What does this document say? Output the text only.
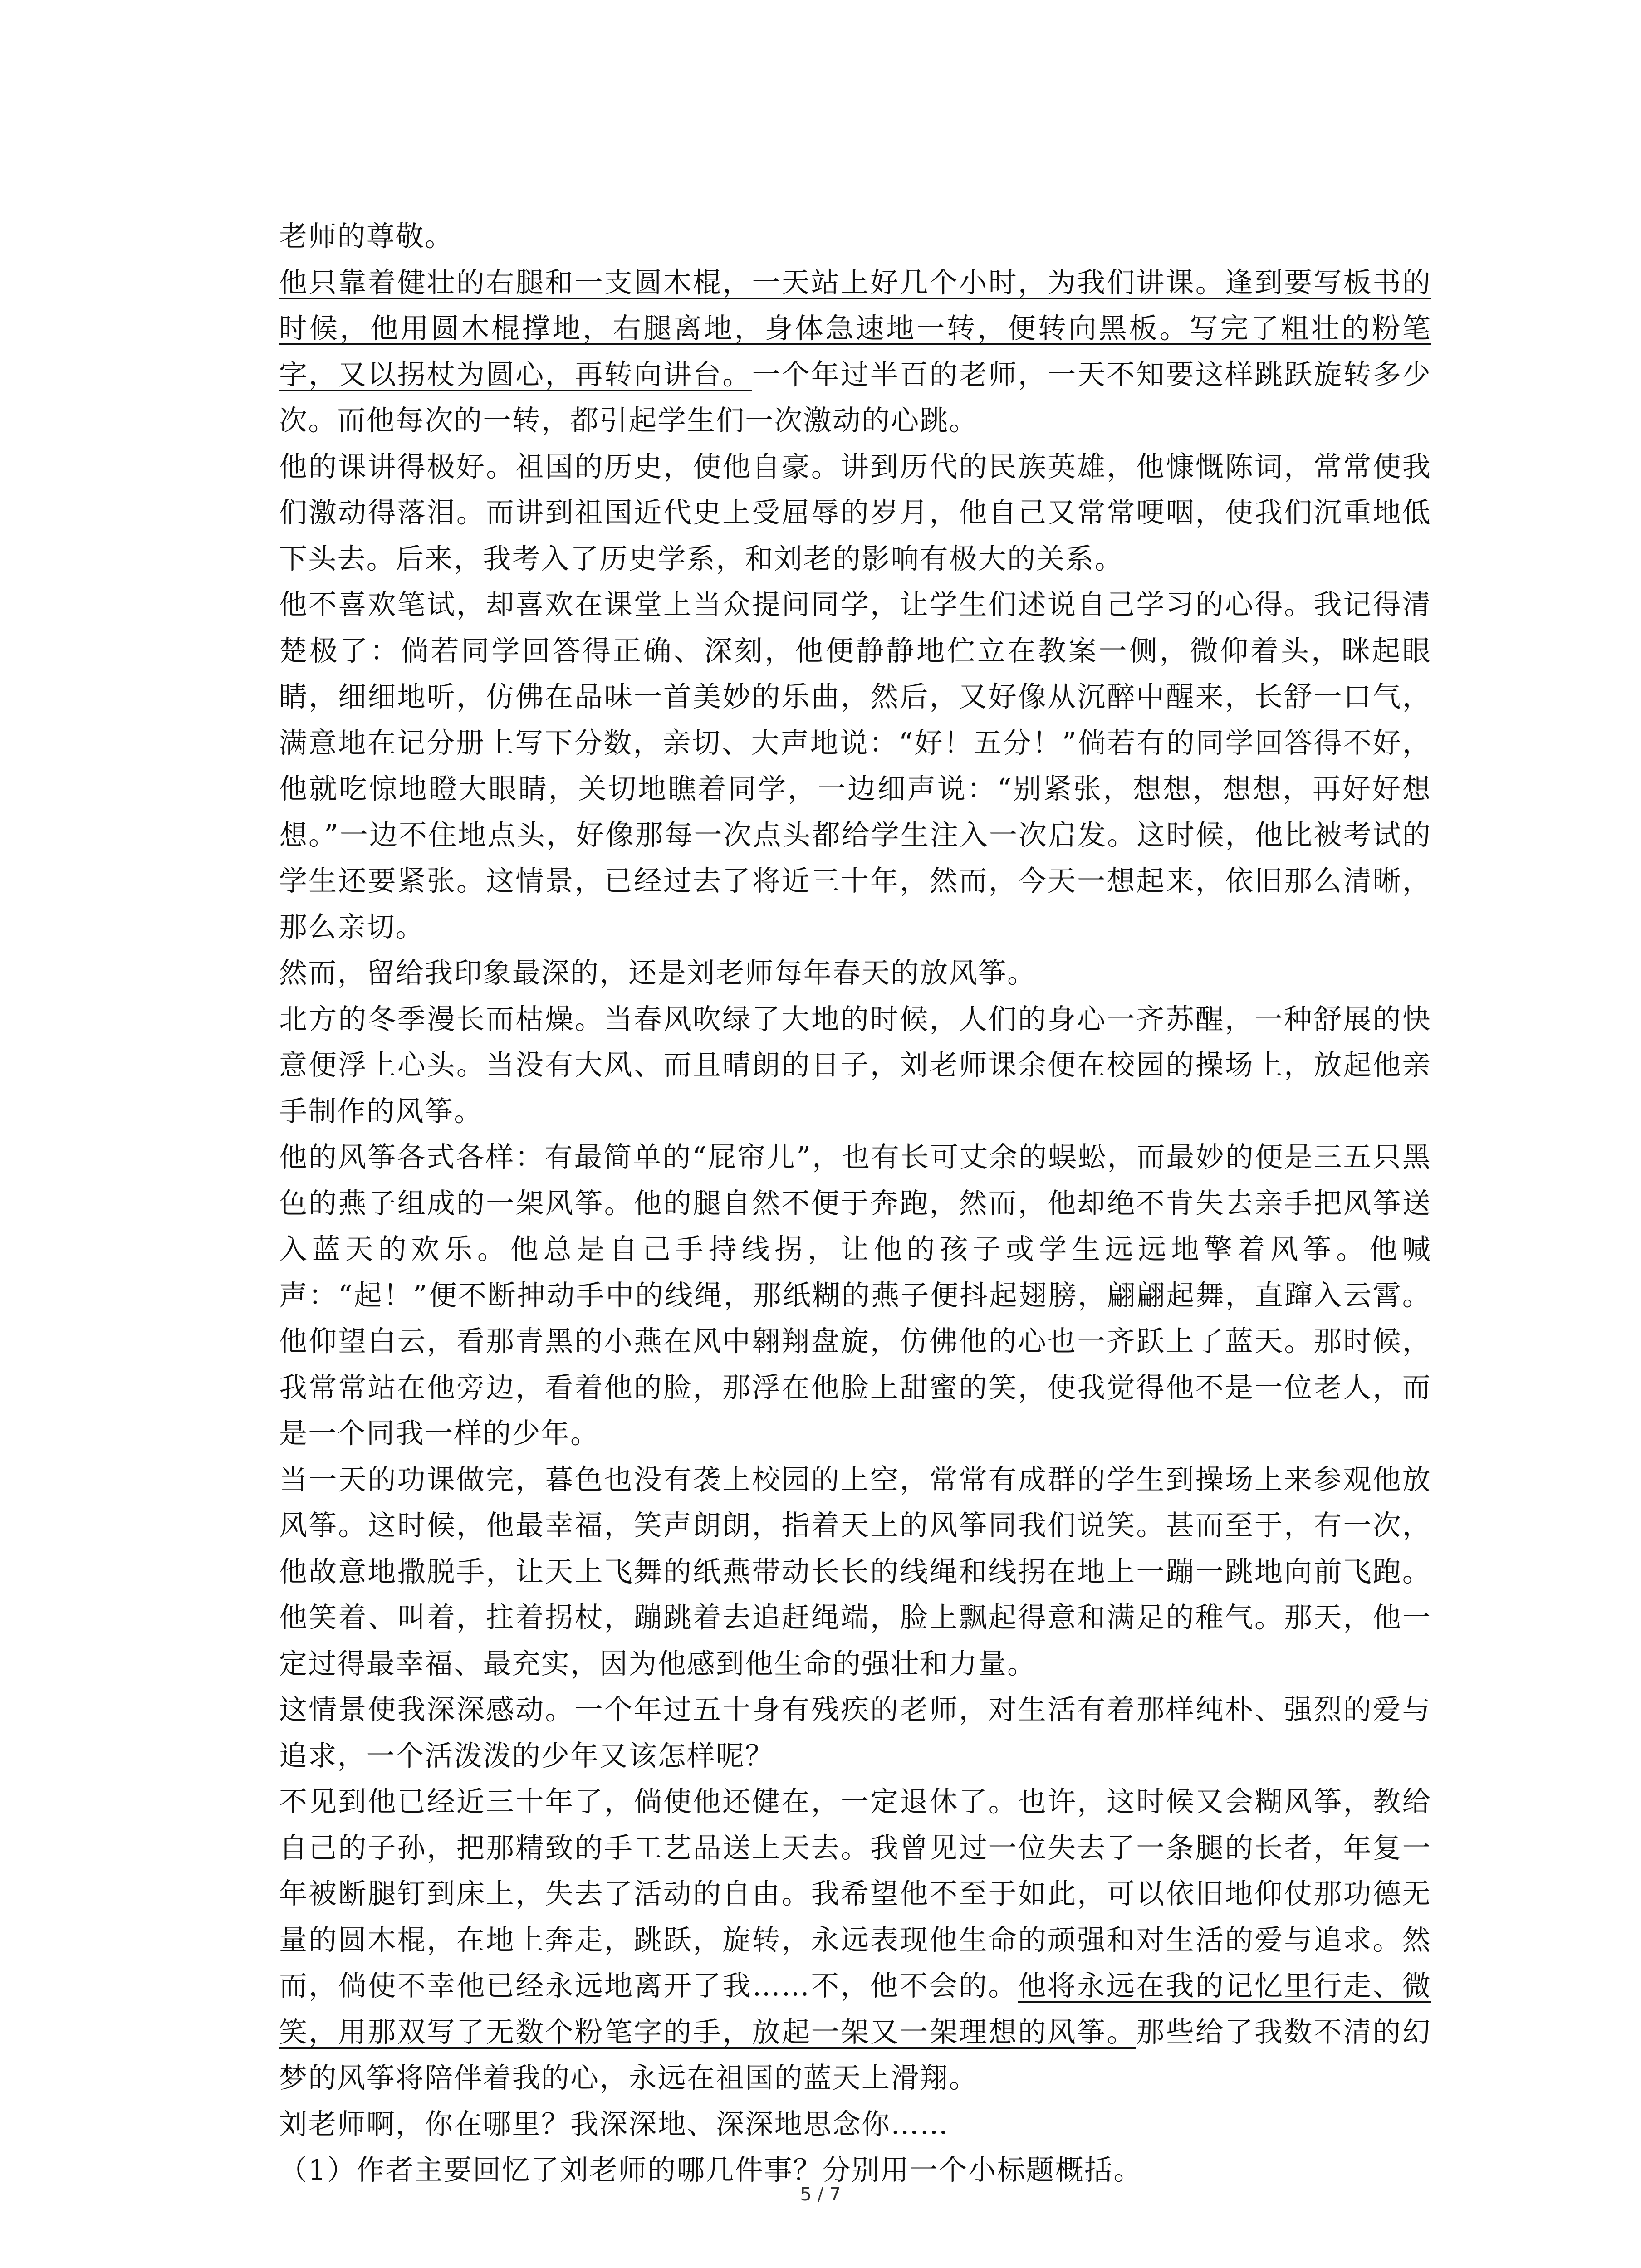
老师的尊敬。

他只靠着健壮的右腿和一支圆木棍，一天站上好几个小时，为我们讲课。逢到要写板书的时候，他用圆木棍撑地，右腿离地，身体急速地一转，便转向黑板。写完了粗壮的粉笔字，又以拐杖为圆心，再转向讲台。一个年过半百的老师，一天不知要这样跳跃旋转多少次。而他每次的一转，都引起学生们一次激动的心跳。

他的课讲得极好。祖国的历史，使他自豪。讲到历代的民族英雄，他慷慨陈词，常常使我们激动得落泪。而讲到祖国近代史上受屈辱的岁月，他自己又常常哽咽，使我们沉重地低下头去。后来，我考入了历史学系，和刘老的影响有极大的关系。

他不喜欢笔试，却喜欢在课堂上当众提问同学，让学生们述说自己学习的心得。我记得清楚极了：倘若同学回答得正确、深刻，他便静静地伫立在教案一侧，微仰着头，眯起眼睛，细细地听，仿佛在品味一首美妙的乐曲，然后，又好像从沉醉中醒来，长舒一口气，满意地在记分册上写下分数，亲切、大声地说：“好！五分！”倘若有的同学回答得不好，他就吃惊地瞪大眼睛，关切地瞧着同学，一边细声说：“别紧张，想想，想想，再好好想想。”一边不住地点头，好像那每一次点头都给学生注入一次启发。这时候，他比被考试的学生还要紧张。这情景，已经过去了将近三十年，然而，今天一想起来，依旧那么清晰，那么亲切。

然而，留给我印象最深的，还是刘老师每年春天的放风筝。

北方的冬季漫长而枯燥。当春风吹绿了大地的时候，人们的身心一齐苏醒，一种舒展的快意便浮上心头。当没有大风、而且晴朗的日子，刘老师课余便在校园的操场上，放起他亲手制作的风筝。

他的风筝各式各样：有最简单的“屁帘儿”，也有长可丈余的蜈蚣，而最妙的便是三五只黑色的燕子组成的一架风筝。他的腿自然不便于奔跑，然而，他却绝不肯失去亲手把风筝送入蓝天的欢乐。他总是自己手持线拐，让他的孩子或学生远远地擎着风筝。他喊声：“起！”便不断抻动手中的线绳，那纸糊的燕子便抖起翅膀，翩翩起舞，直蹿入云霄。他仰望白云，看那青黑的小燕在风中翱翔盘旋，仿佛他的心也一齐跃上了蓝天。那时候，我常常站在他旁边，看着他的脸，那浮在他脸上甜蜜的笑，使我觉得他不是一位老人，而是一个同我一样的少年。

当一天的功课做完，暮色也没有袭上校园的上空，常常有成群的学生到操场上来参观他放风筝。这时候，他最幸福，笑声朗朗，指着天上的风筝同我们说笑。甚而至于，有一次，他故意地撒脱手，让天上飞舞的纸燕带动长长的线绳和线拐在地上一蹦一跳地向前飞跑。他笑着、叫着，拄着拐杖，蹦跳着去追赶绳端，脸上飘起得意和满足的稚气。那天，他一定过得最幸福、最充实，因为他感到他生命的强壮和力量。

这情景使我深深感动。一个年过五十身有残疾的老师，对生活有着那样纯朴、强烈的爱与追求，一个活泼泼的少年又该怎样呢？

不见到他已经近三十年了，倘使他还健在，一定退休了。也许，这时候又会糊风筝，教给自己的子孙，把那精致的手工艺品送上天去。我曾见过一位失去了一条腿的长者，年复一年被断腿钉到床上，失去了活动的自由。我希望他不至于如此，可以依旧地仰仗那功德无量的圆木棍，在地上奔走，跳跃，旋转，永远表现他生命的顽强和对生活的爱与追求。然而，倘使不幸他已经永远地离开了我……不，他不会的。他将永远在我的记忆里行走、微笑，用那双写了无数个粉笔字的手，放起一架又一架理想的风筝。那些给了我数不清的幻梦的风筝将陪伴着我的心，永远在祖国的蓝天上滑翔。

刘老师啊，你在哪里？我深深地、深深地思念你……

（1）作者主要回忆了刘老师的哪几件事？分别用一个小标题概括。

5 / 7
